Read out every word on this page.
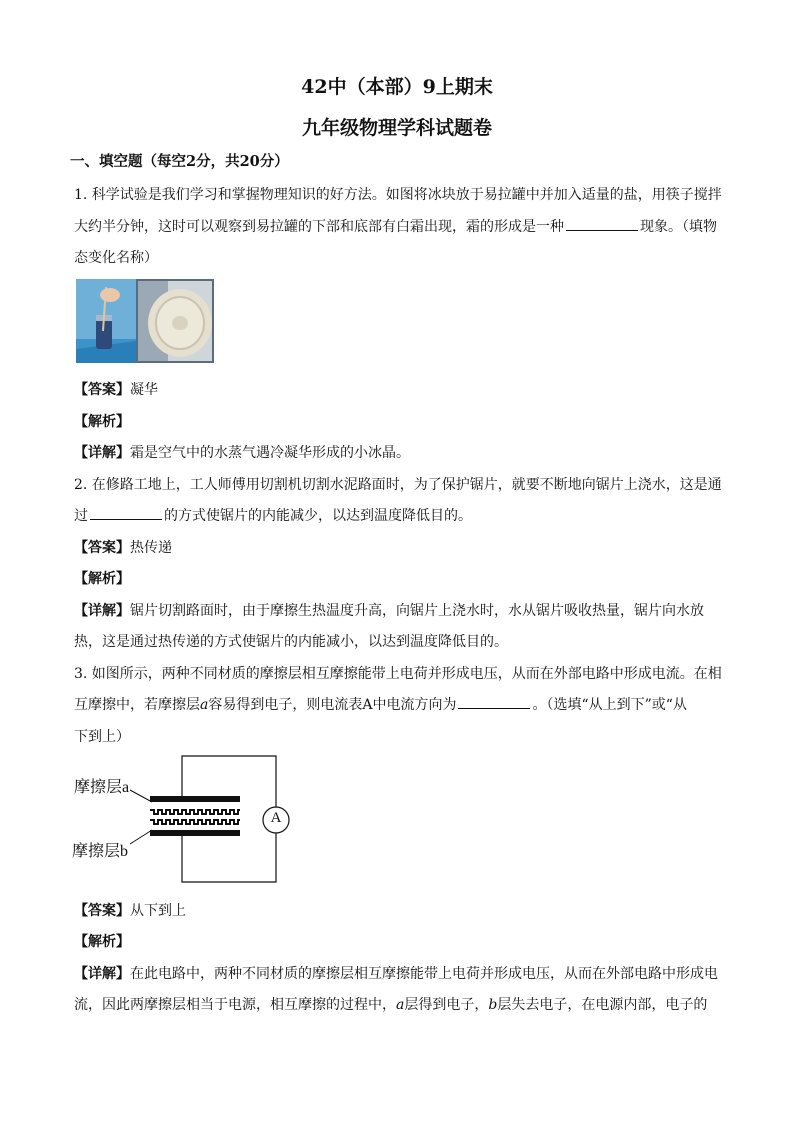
42中（本部）9上期末
九年级物理学科试题卷
一、填空题（每空2分，共20分）
1. 科学试验是我们学习和掌握物理知识的好方法。如图将冰块放于易拉罐中并加入适量的盐，用筷子搅拌
大约半分钟，这时可以观察到易拉罐的下部和底部有白霜出现，霜的形成是一种	现象。（填物
态变化名称）
【答案】凝华
【解析】
【详解】霜是空气中的水蒸气遇冷凝华形成的小冰晶。
2. 在修路工地上，工人师傅用切割机切割水泥路面时，为了保护锯片，就要不断地向锯片上浇水，这是通
过	的方式使锯片的内能减少，以达到温度降低目的。
【答案】热传递
【解析】
【详解】锯片切割路面时，由于摩擦生热温度升高，向锯片上浇水时，水从锯片吸收热量，锯片向水放
热，这是通过热传递的方式使锯片的内能减小，以达到温度降低目的。
3. 如图所示，两种不同材质的摩擦层相互摩擦能带上电荷并形成电压，从而在外部电路中形成电流。在相
互摩擦中，若摩擦层a容易得到电子，则电流表A中电流方向为	。（选填“从上到下”或“从
下到上）
摩擦层a
摩擦层b
A
【答案】从下到上
【解析】
【详解】在此电路中，两种不同材质的摩擦层相互摩擦能带上电荷并形成电压，从而在外部电路中形成电
流，因此两摩擦层相当于电源，相互摩擦的过程中，a层得到电子，b层失去电子，在电源内部，电子的
